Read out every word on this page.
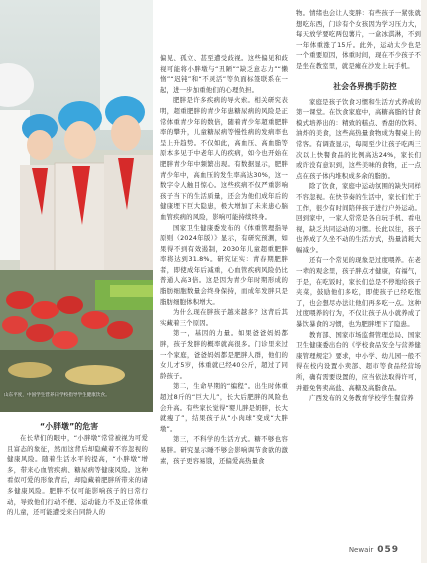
山东平度，中国学生营养日学校指导学生健康饮食。

“小胖墩”的危害

在长辈们的眼中，“小胖墩”常常被视为可爱且富态的象征，然而这背后却隐藏着不容忽视的健康风险。随着生活水平的提高，“小胖墩”增多，带来心血管疾病、糖尿病等健康风险。这种看似可爱的形象背后，却隐藏着肥胖所带来的诸多健康风险。肥胖不仅可能影响孩子的日常行动，导致他们行动不便、运动能力不及正常体重的儿童，还可能遭受来自同龄人的

偏见、孤立、甚至遭受歧视。这些偏见和歧视可能将小胖墩与“丑陋”“缺乏意志力”“懒惰”“迟钝”和“不灵活”等负面标签联系在一起，进一步加重他们的心理负担。

肥胖是许多疾病的导火索。相关研究表明，超重肥胖的青少年患糖尿病的风险是正常体重青少年的数倍，随着青少年超重肥胖率的攀升，儿童糖尿病等慢性病的发病率也呈上升趋势。不仅如此，高血压、高血脂等原本多见于中老年人的疾病，如今也开始在肥胖青少年中频繁出现。有数据显示，肥胖青少年中，高血压的发生率高达30%，这一数字令人触目惊心。这些疾病不仅严重影响孩子当下的生活质量，还会为他们成年后的健康埋下巨大隐患，极大增加了未来患心脑血管疾病的风险，影响可能持续终身。

国家卫生健康委发布的《体重管理指导原则（2024年版）》显示，有研究预测，如果得不到有效遏制，2030年儿童超重肥胖率将达到31.8%。研究证实：青春期肥胖者，即使成年后减重，心血管疾病风险仍比普通人高3倍。这是因为青少年时期形成的脂肪细胞数量会终身保持，而成年发胖只是脂肪细胞体积增大。

为什么现在胖孩子越来越多？这背后其实藏着三个原因。

第一，基因的力量。如果爸爸妈妈都胖，孩子发胖的概率就高很多。门诊里来过一个家庭，爸爸妈妈都是肥胖人群，他们的女儿才5岁，体重就已经40公斤，超过了同龄孩子。

第二，生命早期的“编程”。出生时体重超过8斤的“巨大儿”，长大后肥胖的风险也会升高。有些家长觉得“婴儿胖是奶胖，长大就瘦了”，结果孩子从“小肉球”变成“大胖墩”。

第三，不科学的生活方式。糖不够也容易胖。研究显示睡不够会影响调节食欲的激素，孩子更容易饿，还偏爱高热量食

物。情绪也会让人变胖：有些孩子一紧张就想吃东西，门诊有个女孩因为学习压力大，每天放学要吃两包薯片，一盒冰淇淋，不到一年体重涨了15斤。此外，运动太少也是一个重要原因，体重时间，现在不少孩子不是坐在教室里，就是瘫在沙发上玩手机。

社会各界携手防控

家庭是孩子饮食习惯和生活方式养成的第一课堂。在饮食家庭中，高糖高脂的甘食模式培养出的：精致的糕点、香甜的饮料、油炸的美食，这些高热量食物成为餐桌上的常客。有调查显示，每周至少让孩子吃两三次以上快餐食品的比例高达24%，家长们或许没有意识到，这些美味的食物，正一点点在孩子体内堆积成多余的脂肪。

除了饮食，家庭中运动氛围的缺失同样不容忽视。在快节奏的生活中，家长们忙于工作，很少有时间陪伴孩子进行户外运动。回到家中，一家人常常是各自玩手机、看电视，缺乏共同运动的习惯。长此以往，孩子也养成了久坐不动的生活方式，热量消耗大幅减少。

还有一个常见的现象是过度喂养。在老一辈的观念里，孩子胖点才健康，有福气，于是，在吃饭时，家长们总是不停地给孩子夹菜，鼓励他们多吃，即使孩子已经吃饱了，也会想尽办法让他们再多吃一点。这种过度喂养的行为，不仅让孩子从小就养成了暴饮暴食的习惯，也为肥胖埋下了隐患。

教育部、国家市场监督管理总局、国家卫生健康委出台的《学校食品安全与营养健康管理规定》要求，中小学、幼儿园一般不得在校内设置小卖部、超市等食品经营场所，确有需要设置的，应当依法取得许可，并避免售卖高盐、高糖及高脂食品。

广西发布的义务教育学校学生餐营养

Newair 059
